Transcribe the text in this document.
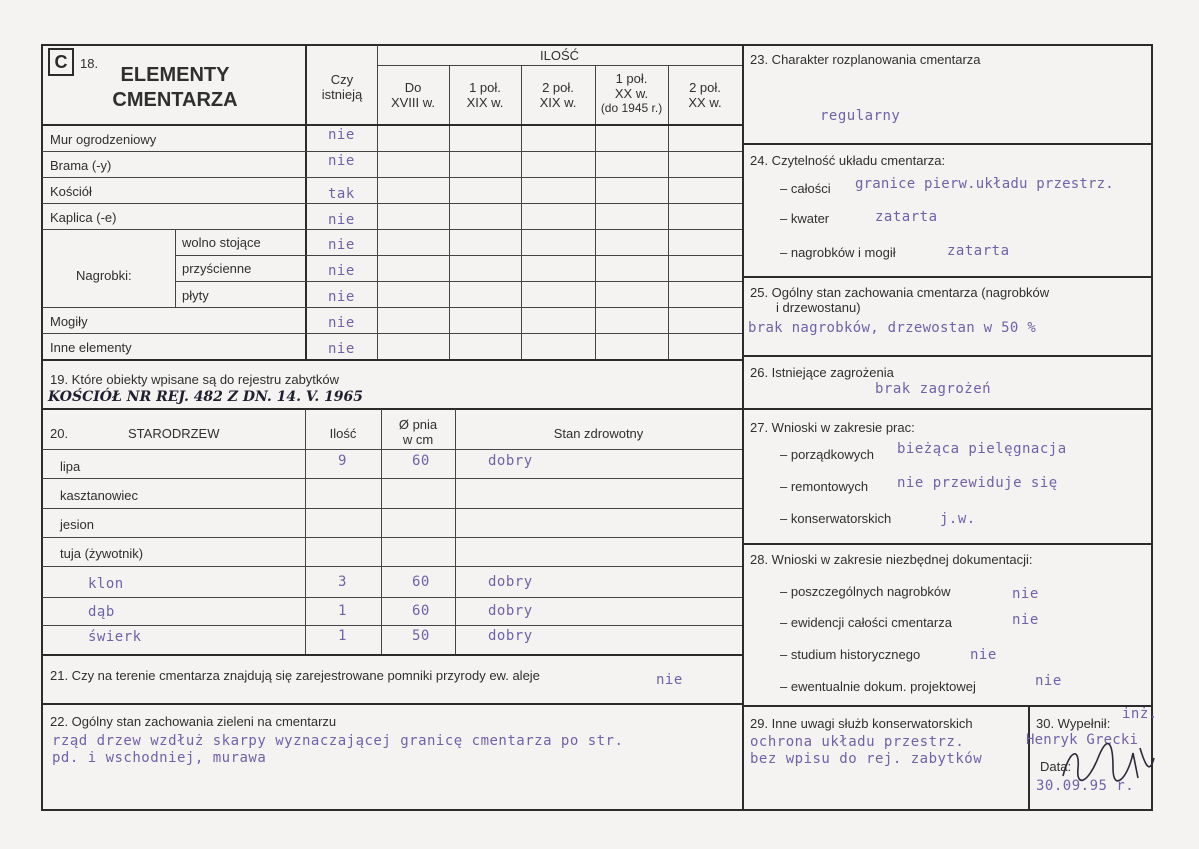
C 18.
ELEMENTY
CMENTARZA
Czy
istnieją
ILOŚĆ
Do
XVIII w.
1 poł.
XIX w.
2 poł.
XIX w.
1 poł.
XX w.
(do 1945 r.)
2 poł.
XX w.
Mur ogrodzeniowy	nie
Brama (-y)	nie
Kościół	tak
Kaplica (-e)	nie
Nagrobki:
wolno stojące	nie
przyścienne	nie
płyty	nie
Mogiły	nie
Inne elementy	nie
19. Które obiekty wpisane są do rejestru zabytków
KOŚCIÓŁ NR REJ. 482 Z DN. 14. V. 1965
20.	STARODRZEW	Ilość
Ø pnia
w cm	Stan zdrowotny
lipa	9	60	dobry
kasztanowiec
jesion
tuja (żywotnik)
klon	3	60	dobry
dąb	1	60	dobry
świerk	1	50	dobry
21. Czy na terenie cmentarza znajdują się zarejestrowane pomniki przyrody ew. aleje	nie
22. Ogólny stan zachowania zieleni na cmentarzu
rząd drzew wzdłuż skarpy wyznaczającej granicę cmentarza po str.
pd. i wschodniej, murawa
23. Charakter rozplanowania cmentarza
regularny
24. Czytelność układu cmentarza:
– całości granice pierw.układu przestrz.
– kwater	zatarta
– nagrobków i mogił	zatarta
25. Ogólny stan zachowania cmentarza (nagrobków
i drzewostanu)
brak nagrobków, drzewostan w 50 %
26. Istniejące zagrożenia
brak zagrożeń
27. Wnioski w zakresie prac:
– porządkowych bieżąca pielęgnacja
– remontowych nie przewiduje się
– konserwatorskich	j.w.
28. Wnioski w zakresie niezbędnej dokumentacji:
– poszczególnych nagrobków	nie
– ewidencji całości cmentarza	nie
– studium historycznego	nie
– ewentualnie dokum. projektowej	nie
29. Inne uwagi służb konserwatorskich
ochrona układu przestrz.
bez wpisu do rej. zabytków
30. Wypełnił:
inż.
Henryk Grecki
Data:
30.09.95 r.
